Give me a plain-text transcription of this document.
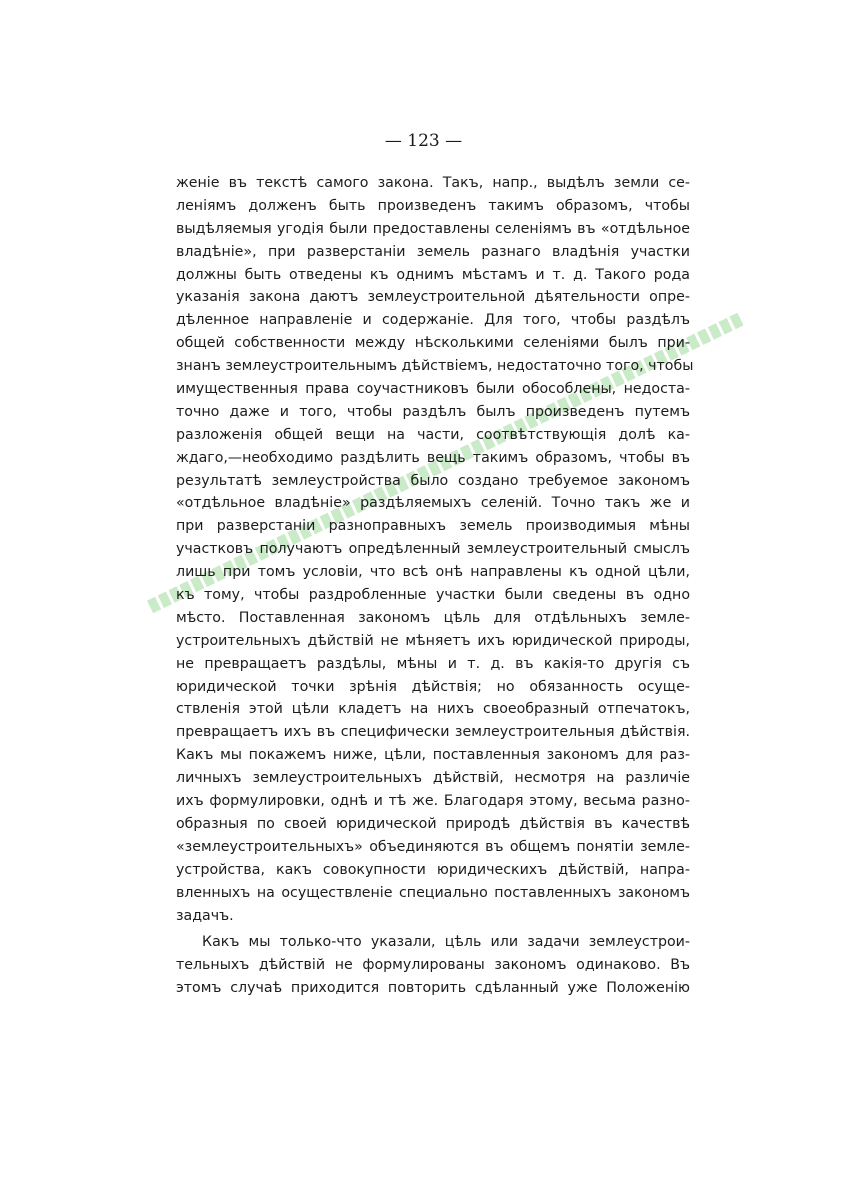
— 123 —
женіе въ текстѣ самого закона. Такъ, напр., выдѣлъ земли се-
леніямъ долженъ быть произведенъ такимъ образомъ, чтобы
выдѣляемыя угодія были предоставлены селеніямъ въ «отдѣльное
владѣніе», при разверстаніи земель разнаго владѣнія участки
должны быть отведены къ однимъ мѣстамъ и т. д. Такого рода
указанія закона даютъ землеустроительной дѣятельности опре-
дѣленное направленіе и содержаніе. Для того, чтобы раздѣлъ
общей собственности между нѣсколькими селеніями былъ при-
знанъ землеустроительнымъ дѣйствіемъ, недостаточно того, чтобы
имущественныя права соучастниковъ были обособлены, недоста-
точно даже и того, чтобы раздѣлъ былъ произведенъ путемъ
разложенія общей вещи на части, соотвѣтствующія долѣ ка-
ждаго,—необходимо раздѣлить вещь такимъ образомъ, чтобы въ
результатѣ землеустройства было создано требуемое закономъ
«отдѣльное владѣніе» раздѣляемыхъ селеній. Точно такъ же и
при разверстаніи разноправныхъ земель производимыя мѣны
участковъ получаютъ опредѣленный землеустроительный смыслъ
лишь при томъ условіи, что всѣ онѣ направлены къ одной цѣли,
къ тому, чтобы раздробленные участки были сведены въ одно
мѣсто. Поставленная закономъ цѣль для отдѣльныхъ земле-
устроительныхъ дѣйствій не мѣняетъ ихъ юридической природы,
не превращаетъ раздѣлы, мѣны и т. д. въ какія-то другія съ
юридической точки зрѣнія дѣйствія; но обязанность осуще-
ствленія этой цѣли кладетъ на нихъ своеобразный отпечатокъ,
превращаетъ ихъ въ специфически землеустроительныя дѣйствія.
Какъ мы покажемъ ниже, цѣли, поставленныя закономъ для раз-
личныхъ землеустроительныхъ дѣйствій, несмотря на различіе
ихъ формулировки, однѣ и тѣ же. Благодаря этому, весьма разно-
образныя по своей юридической природѣ дѣйствія въ качествѣ
«землеустроительныхъ» объединяются въ общемъ понятіи земле-
устройства, какъ совокупности юридическихъ дѣйствій, напра-
вленныхъ на осуществленіе специально поставленныхъ закономъ
задачъ.
Какъ мы только-что указали, цѣль или задачи землеустрои-
тельныхъ дѣйствій не формулированы закономъ одинаково. Въ
этомъ случаѣ приходится повторить сдѣланный уже Положенію
